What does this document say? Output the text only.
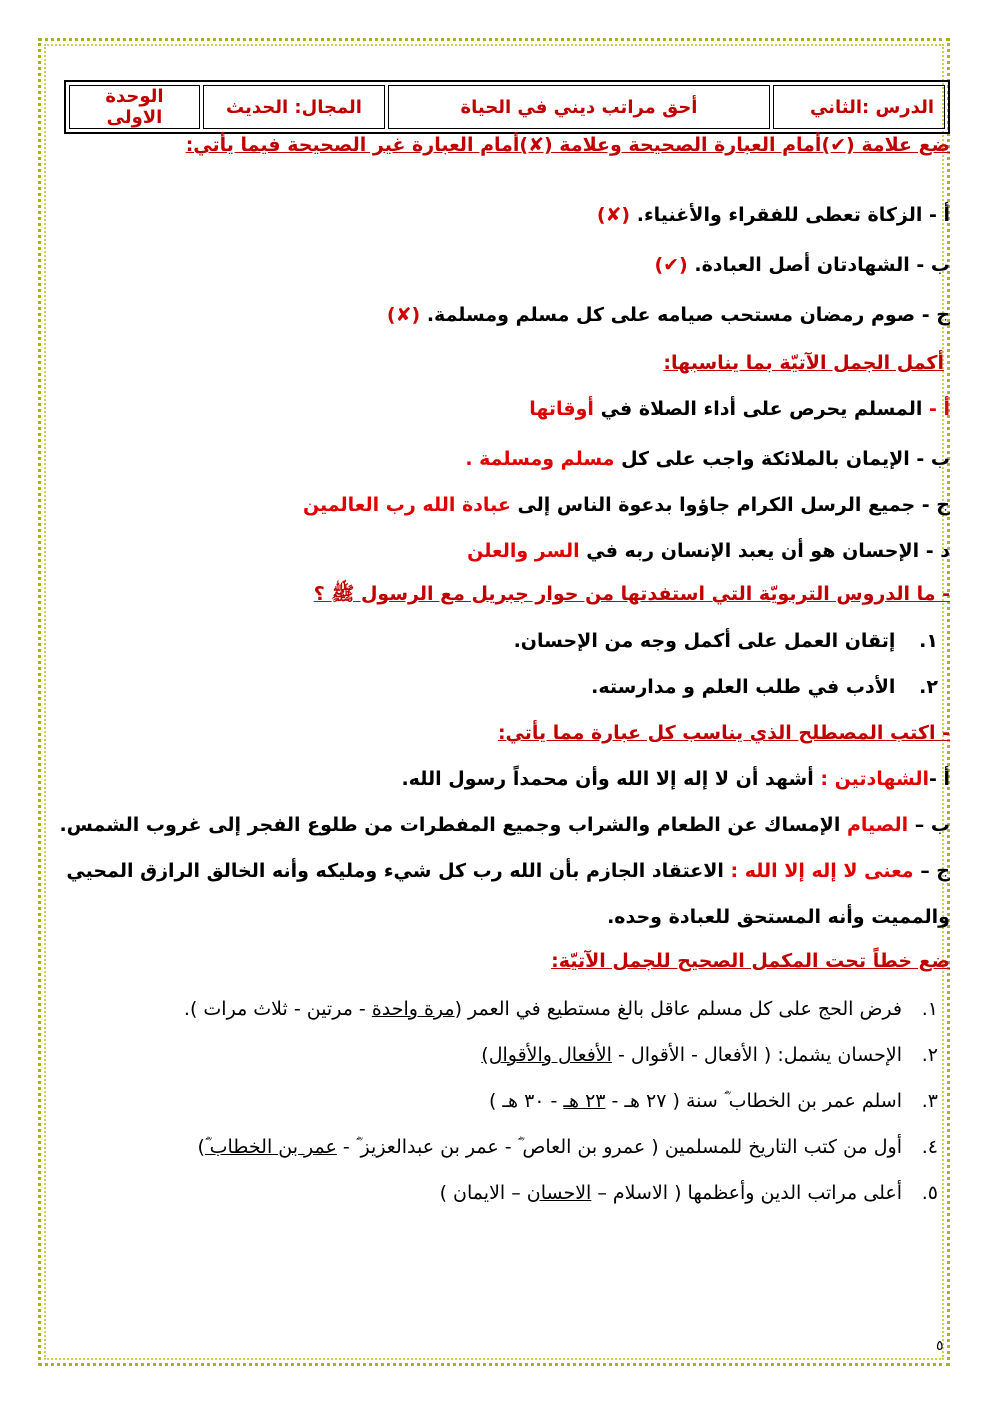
الدرس :الثاني	أحق مراتب ديني في الحياة	المجال: الحديث	الوحدة الاولى
ضع علامة (✔)أمام العبارة الصحيحة وعلامة (✘)أمام العبارة غير الصحيحة فيما يأتي:
أ - الزكاة تعطى للفقراء والأغنياء. (✘)
ب - الشهادتان أصل العبادة. (✔)
ج - صوم رمضان مستحب صيامه على كل مسلم ومسلمة. (✘)
أكمل الجمل الآتيّة بما يناسبها:
أ - المسلم يحرص على أداء الصلاة في أوقاتها
ب - الإيمان بالملائكة واجب على كل مسلم ومسلمة .
ج - جميع الرسل الكرام جاؤوا بدعوة الناس إلى عبادة الله رب العالمين
د - الإحسان هو أن يعبد الإنسان ربه في السر والعلن
- ما الدروس التربويّة التي استفدتها من حوار جبريل مع الرسول ﷺ ؟
١. إتقان العمل على أكمل وجه من الإحسان.
٢. الأدب في طلب العلم و مدارسته.
- اكتب المصطلح الذي يناسب كل عبارة مما يأتي:
أ -الشهادتين : أشهد أن لا إله إلا الله وأن محمداً رسول الله.
ب – الصيام الإمساك عن الطعام والشراب وجميع المفطرات من طلوع الفجر إلى غروب الشمس.
ج – معنى لا إله إلا الله : الاعتقاد الجازم بأن الله رب كل شيء ومليكه وأنه الخالق الرازق المحيي
والمميت وأنه المستحق للعبادة وحده.
ضع خطاً تحت المكمل الصحيح للجمل الآتيّة:
١.فرض الحج على كل مسلم عاقل بالغ مستطيع في العمر (مرة واحدة - مرتين - ثلاث مرات ).
٢.الإحسان يشمل: ( الأفعال - الأقوال - الأفعال والأقوال)
٣.اسلم عمر بن الخطاب ؓ سنة ( ٢٧ هـ - ٢٣ هـ - ٣٠ هـ )
٤.أول من كتب التاريخ للمسلمين ( عمرو بن العاص ؓ - عمر بن عبدالعزيز ؓ - عمر بن الخطاب ؓ)
٥.أعلى مراتب الدين وأعظمها ( الاسلام – الاحسان – الايمان )
٥
